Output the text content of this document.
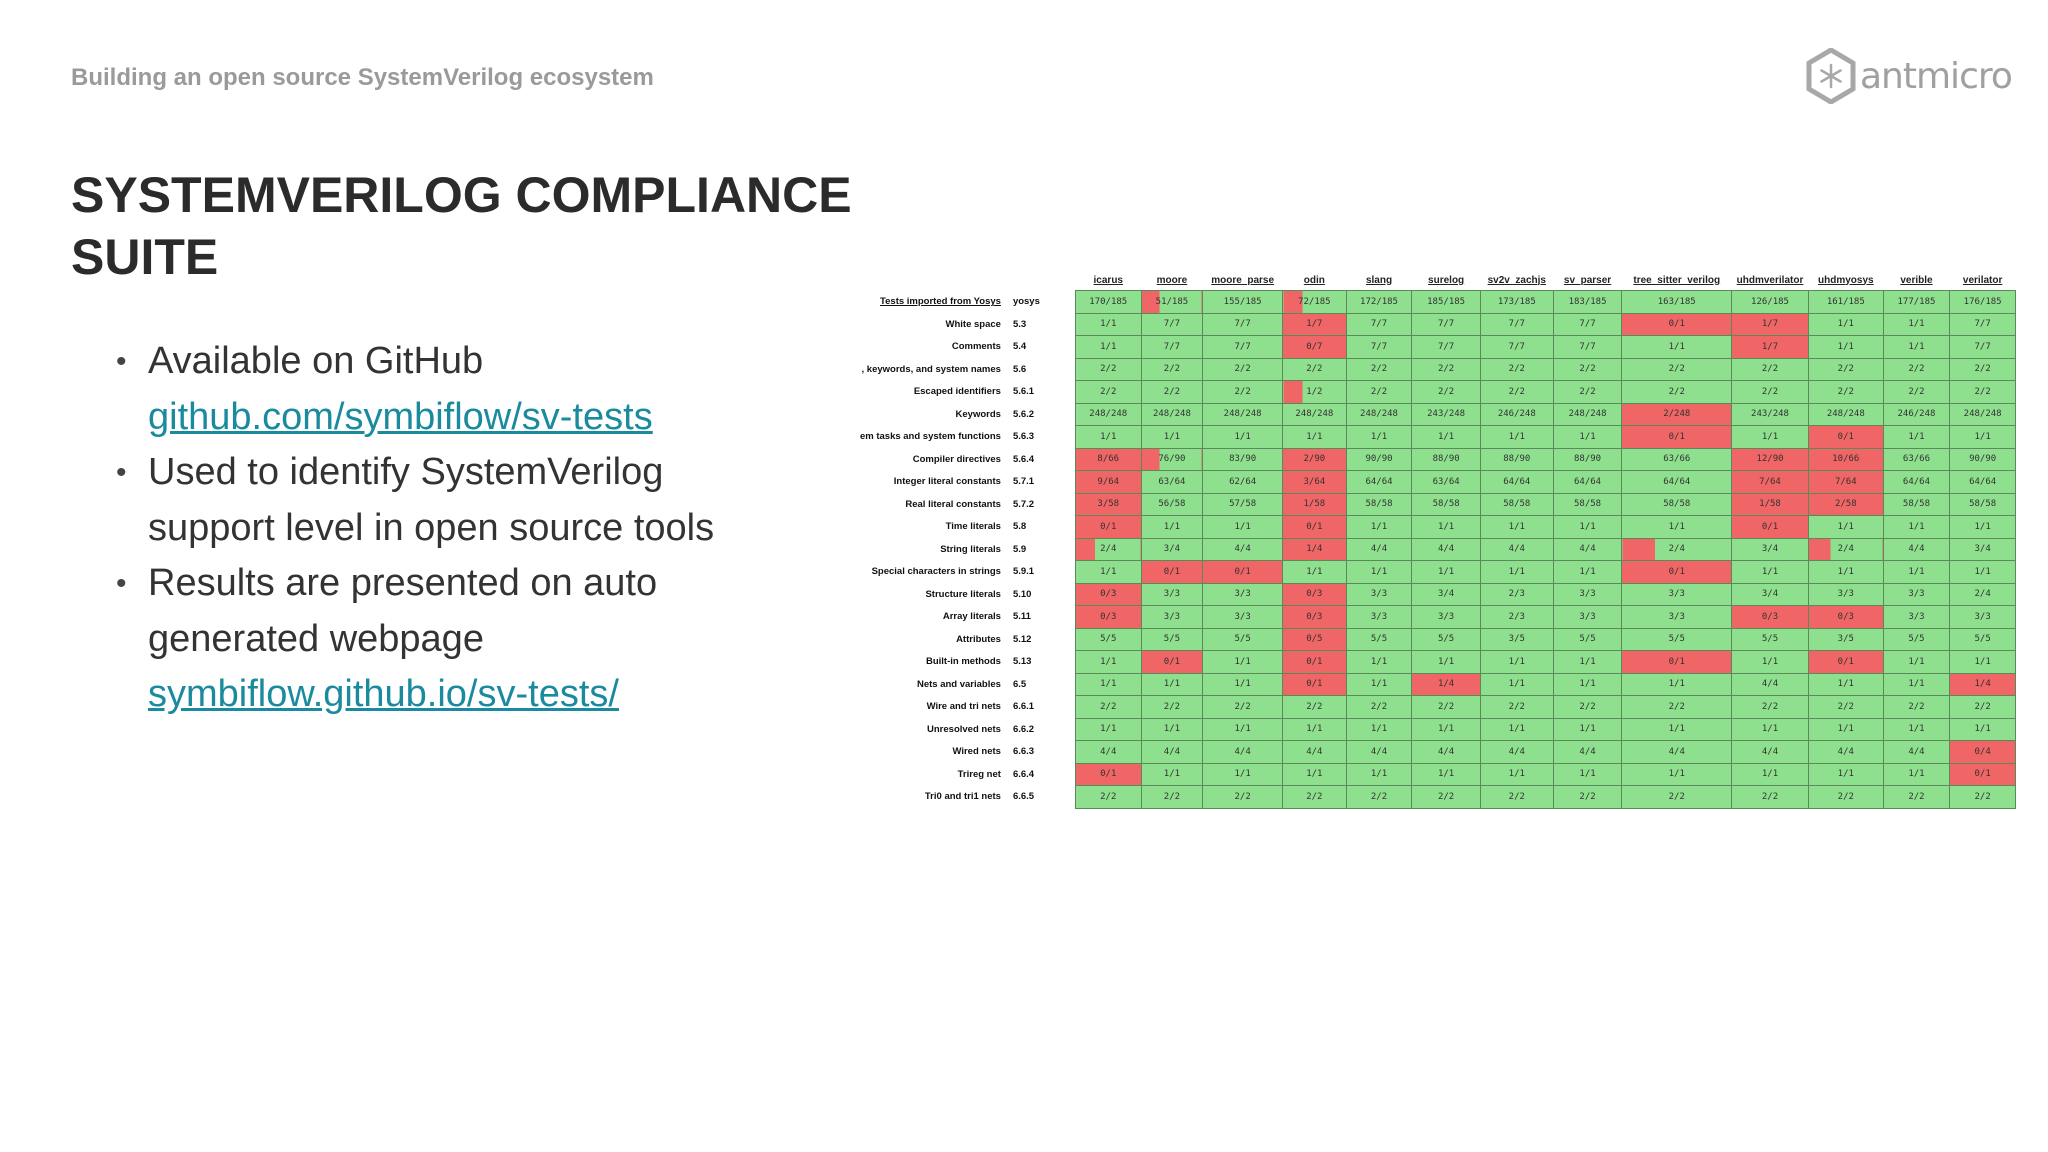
Building an open source SystemVerilog ecosystem	antmicro
SYSTEMVERILOG COMPLIANCE SUITE
• Available on GitHub
github.com/symbiflow/sv-tests
• Used to identify SystemVerilog support level in open source tools
• Results are presented on auto generated webpage
symbiflow.github.io/sv-tests/
		icarus	moore	moore_parse	odin	slang	surelog	sv2v_zachjs	sv_parser	tree_sitter_verilog	uhdmverilator	uhdmyosys	verible	verilator
Tests imported from Yosys	yosys	170/185	51/185	155/185	72/185	172/185	185/185	173/185	183/185	163/185	126/185	161/185	177/185	176/185
White space	5.3	1/1	7/7	7/7	1/7	7/7	7/7	7/7	7/7	0/1	1/7	1/1	1/1	7/7
Comments	5.4	1/1	7/7	7/7	0/7	7/7	7/7	7/7	7/7	1/1	1/7	1/1	1/1	7/7
, keywords, and system names	5.6	2/2	2/2	2/2	2/2	2/2	2/2	2/2	2/2	2/2	2/2	2/2	2/2	2/2
Escaped identifiers	5.6.1	2/2	2/2	2/2	1/2	2/2	2/2	2/2	2/2	2/2	2/2	2/2	2/2	2/2
Keywords	5.6.2	248/248	248/248	248/248	248/248	248/248	243/248	246/248	248/248	2/248	243/248	248/248	246/248	248/248
em tasks and system functions	5.6.3	1/1	1/1	1/1	1/1	1/1	1/1	1/1	1/1	0/1	1/1	0/1	1/1	1/1
Compiler directives	5.6.4	8/66	76/90	83/90	2/90	90/90	88/90	88/90	88/90	63/66	12/90	10/66	63/66	90/90
Integer literal constants	5.7.1	9/64	63/64	62/64	3/64	64/64	63/64	64/64	64/64	64/64	7/64	7/64	64/64	64/64
Real literal constants	5.7.2	3/58	56/58	57/58	1/58	58/58	58/58	58/58	58/58	58/58	1/58	2/58	58/58	58/58
Time literals	5.8	0/1	1/1	1/1	0/1	1/1	1/1	1/1	1/1	1/1	0/1	1/1	1/1	1/1
String literals	5.9	2/4	3/4	4/4	1/4	4/4	4/4	4/4	4/4	2/4	3/4	2/4	4/4	3/4
Special characters in strings	5.9.1	1/1	0/1	0/1	1/1	1/1	1/1	1/1	1/1	0/1	1/1	1/1	1/1	1/1
Structure literals	5.10	0/3	3/3	3/3	0/3	3/3	3/4	2/3	3/3	3/3	3/4	3/3	3/3	2/4
Array literals	5.11	0/3	3/3	3/3	0/3	3/3	3/3	2/3	3/3	3/3	0/3	0/3	3/3	3/3
Attributes	5.12	5/5	5/5	5/5	0/5	5/5	5/5	3/5	5/5	5/5	5/5	3/5	5/5	5/5
Built-in methods	5.13	1/1	0/1	1/1	0/1	1/1	1/1	1/1	1/1	0/1	1/1	0/1	1/1	1/1
Nets and variables	6.5	1/1	1/1	1/1	0/1	1/1	1/4	1/1	1/1	1/1	4/4	1/1	1/1	1/4
Wire and tri nets	6.6.1	2/2	2/2	2/2	2/2	2/2	2/2	2/2	2/2	2/2	2/2	2/2	2/2	2/2
Unresolved nets	6.6.2	1/1	1/1	1/1	1/1	1/1	1/1	1/1	1/1	1/1	1/1	1/1	1/1	1/1
Wired nets	6.6.3	4/4	4/4	4/4	4/4	4/4	4/4	4/4	4/4	4/4	4/4	4/4	4/4	0/4
Trireg net	6.6.4	0/1	1/1	1/1	1/1	1/1	1/1	1/1	1/1	1/1	1/1	1/1	1/1	0/1
Tri0 and tri1 nets	6.6.5	2/2	2/2	2/2	2/2	2/2	2/2	2/2	2/2	2/2	2/2	2/2	2/2	2/2
